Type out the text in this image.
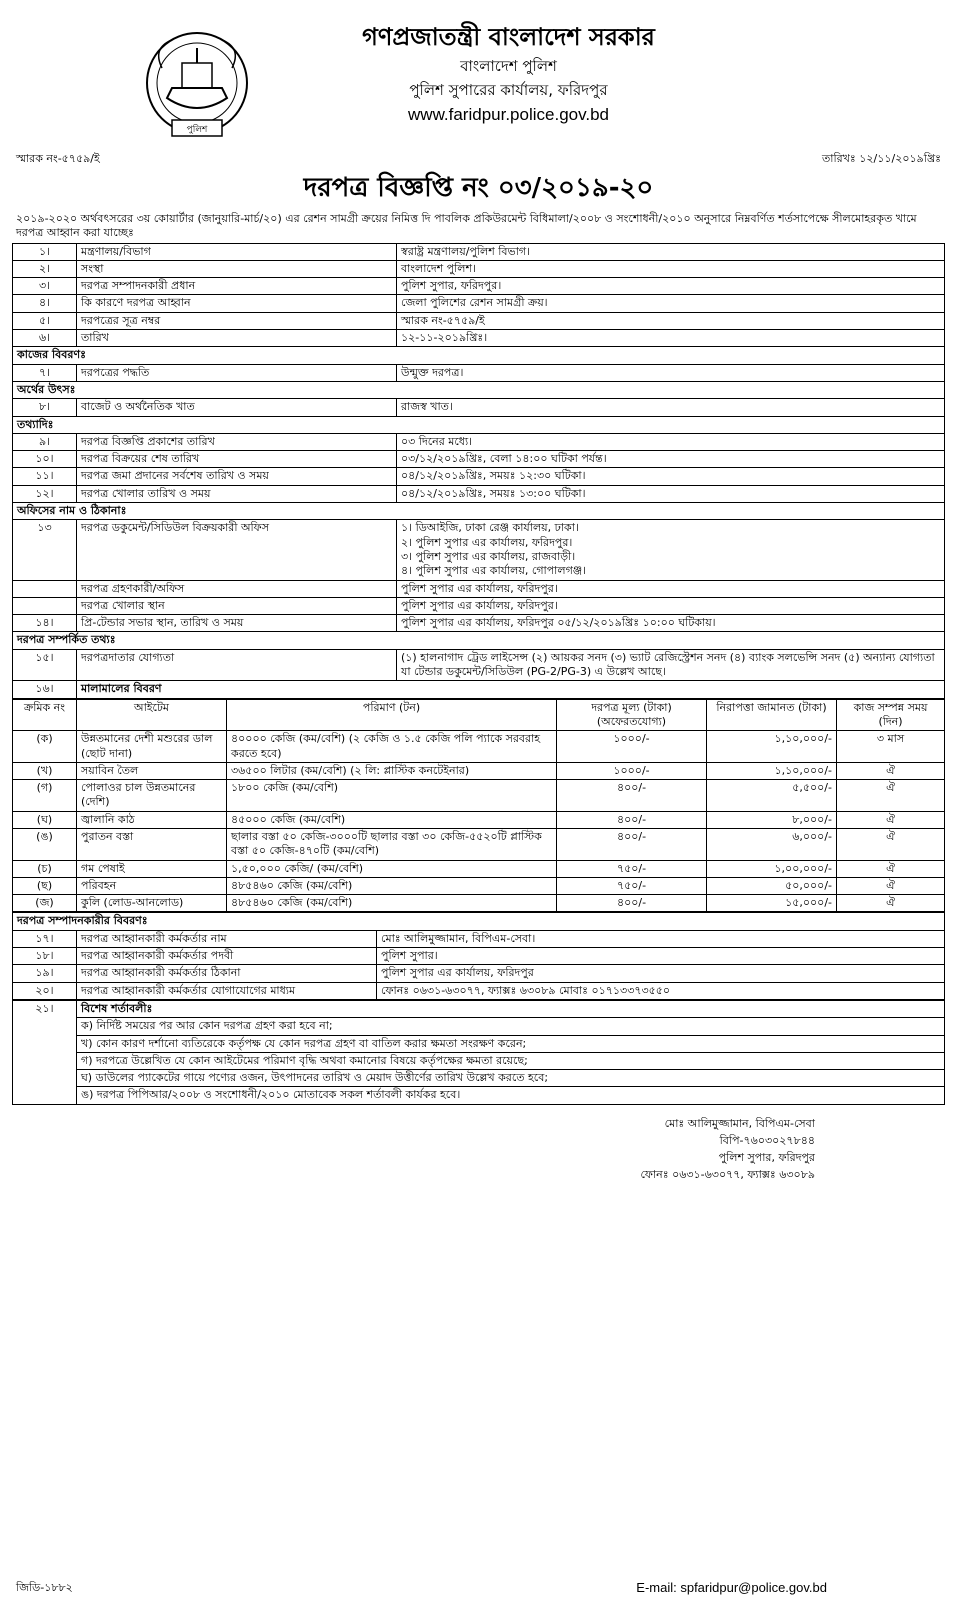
পুলিশ
গণপ্রজাতন্ত্রী বাংলাদেশ সরকার
বাংলাদেশ পুলিশ
পুলিশ সুপারের কার্যালয়, ফরিদপুর
www.faridpur.police.gov.bd
স্মারক নং-৫৭৫৯/ই	তারিখঃ ১২/১১/২০১৯খ্রিঃ
দরপত্র বিজ্ঞপ্তি নং ০৩/২০১৯-২০
২০১৯-২০২০ অর্থবৎসরের ৩য় কোয়ার্টার (জানুয়ারি-মার্চ/২০) এর রেশন সামগ্রী ক্রয়ের নিমিত্ত দি পাবলিক প্রকিউরমেন্ট বিধিমালা/২০০৮ ও সংশোধনী/২০১০ অনুসারে নিম্নবর্ণিত শর্তসাপেক্ষে সীলমোহরকৃত খামে দরপত্র আহ্বান করা যাচ্ছেঃ
১।	মন্ত্রণালয়/বিভাগ	স্বরাষ্ট্র মন্ত্রণালয়/পুলিশ বিভাগ।
২।	সংস্থা	বাংলাদেশ পুলিশ।
৩।	দরপত্র সম্পাদনকারী প্রধান	পুলিশ সুপার, ফরিদপুর।
৪।	কি কারণে দরপত্র আহ্বান	জেলা পুলিশের রেশন সামগ্রী ক্রয়।
৫।	দরপত্রের সূত্র নম্বর	স্মারক নং-৫৭৫৯/ই
৬।	তারিখ	১২-১১-২০১৯খ্রিঃ।
কাজের বিবরণঃ		
৭।	দরপত্রের পদ্ধতি	উন্মুক্ত দরপত্র।
অর্থের উৎসঃ		
৮।	বাজেট ও অর্থনৈতিক খাত	রাজস্ব খাত।
তথ্যাদিঃ		
৯।	দরপত্র বিজ্ঞপ্তি প্রকাশের তারিখ	০৩ দিনের মধ্যে।
১০।	দরপত্র বিক্রয়ের শেষ তারিখ	০৩/১২/২০১৯খ্রিঃ, বেলা ১৪:০০ ঘটিকা পর্যন্ত।
১১।	দরপত্র জমা প্রদানের সর্বশেষ তারিখ ও সময়	০৪/১২/২০১৯খ্রিঃ, সময়ঃ ১২:৩০ ঘটিকা।
১২।	দরপত্র খোলার তারিখ ও সময়	০৪/১২/২০১৯খ্রিঃ, সময়ঃ ১৩:০০ ঘটিকা।
অফিসের নাম ও ঠিকানাঃ		
১৩	দরপত্র ডকুমেন্ট/সিডিউল বিক্রয়কারী অফিস	১। ডিআইজি, ঢাকা রেঞ্জ কার্যালয়, ঢাকা।
২। পুলিশ সুপার এর কার্যালয়, ফরিদপুর।
৩। পুলিশ সুপার এর কার্যালয়, রাজবাড়ী।
৪। পুলিশ সুপার এর কার্যালয়, গোপালগঞ্জ।

	দরপত্র গ্রহণকারী/অফিস	পুলিশ সুপার এর কার্যালয়, ফরিদপুর।
	দরপত্র খোলার স্থান	পুলিশ সুপার এর কার্যালয়, ফরিদপুর।
১৪।	প্রি-টেন্ডার সভার স্থান, তারিখ ও সময়	পুলিশ সুপার এর কার্যালয়, ফরিদপুর ০৫/১২/২০১৯খ্রিঃ ১০:০০ ঘটিকায়।
দরপত্র সম্পর্কিত তথ্যঃ		
১৫।	দরপত্রদাতার যোগ্যতা	(১) হালনাগাদ ট্রেড লাইসেন্স (২) আয়কর সনদ (৩) ভ্যাট রেজিস্ট্রেশন সনদ (৪) ব্যাংক সলভেন্সি সনদ (৫) অন্যান্য যোগ্যতা যা টেন্ডার ডকুমেন্ট/সিডিউল (PG-2/PG-3) এ উল্লেখ আছে।
১৬।	মালামালের বিবরণ	
ক্রমিক নং	আইটেম	পরিমাণ (টন)	দরপত্র মূল্য (টাকা) (অফেরতযোগ্য)	নিরাপত্তা জামানত (টাকা)	কাজ সম্পন্ন সময় (দিন)
(ক)	উন্নতমানের দেশী মশুরের ডাল (ছোট দানা)	৪০০০০ কেজি (কম/বেশি) (২ কেজি ও ১.৫ কেজি পলি প্যাকে সরবরাহ করতে হবে)	১০০০/-	১,১০,০০০/-	৩ মাস
(খ)	সয়াবিন তৈল	৩৬৫০০ লিটার (কম/বেশি) (২ লি: প্লাস্টিক কনটেইনার)	১০০০/-	১,১০,০০০/-	ঐ
(গ)	পোলাওর চাল উন্নতমানের (দেশি)	১৮০০ কেজি (কম/বেশি)	৪০০/-	৫,৫০০/-	ঐ
(ঘ)	জ্বালানি কাঠ	৪৫০০০ কেজি (কম/বেশি)	৪০০/-	৮,০০০/-	ঐ
(ঙ)	পুরাতন বস্তা	ছালার বস্তা ৫০ কেজি-৩০০০টি ছালার বস্তা ৩০ কেজি-৫৫২০টি প্লাস্টিক বস্তা ৫০ কেজি-৪৭০টি (কম/বেশি)	৪০০/-	৬,০০০/-	ঐ
(চ)	গম পেষাই	১,৫০,০০০ কেজি/ (কম/বেশি)	৭৫০/-	১,০০,০০০/-	ঐ
(ছ)	পরিবহন	৪৮৫৪৬০ কেজি (কম/বেশি)	৭৫০/-	৫০,০০০/-	ঐ
(জ)	কুলি (লোড-আনলোড)	৪৮৫৪৬০ কেজি (কম/বেশি)	৪০০/-	১৫,০০০/-	ঐ
দরপত্র সম্পাদনকারীর বিবরণঃ		
১৭।	দরপত্র আহ্বানকারী কর্মকর্তার নাম	মোঃ আলিমুজ্জামান, বিপিএম-সেবা।
১৮।	দরপত্র আহ্বানকারী কর্মকর্তার পদবী	পুলিশ সুপার।
১৯।	দরপত্র আহ্বানকারী কর্মকর্তার ঠিকানা	পুলিশ সুপার এর কার্যালয়, ফরিদপুর
২০।	দরপত্র আহ্বানকারী কর্মকর্তার যোগাযোগের মাধ্যম	ফোনঃ ০৬৩১-৬৩০৭৭, ফ্যাক্সঃ ৬৩০৮৯ মোবাঃ ০১৭১৩৩৭৩৫৫০
২১।	বিশেষ শর্তাবলীঃ
ক) নির্দিষ্ট সময়ের পর আর কোন দরপত্র গ্রহণ করা হবে না;
খ) কোন কারণ দর্শানো ব্যতিরেকে কর্তৃপক্ষ যে কোন দরপত্র গ্রহণ বা বাতিল করার ক্ষমতা সংরক্ষণ করেন;
গ) দরপত্রে উল্লেখিত যে কোন আইটেমের পরিমাণ বৃদ্ধি অথবা কমানোর বিষয়ে কর্তৃপক্ষের ক্ষমতা রয়েছে;
ঘ) ডাউলের প্যাকেটের গায়ে পণ্যের ওজন, উৎপাদনের তারিখ ও মেয়াদ উত্তীর্ণের তারিখ উল্লেখ করতে হবে;
ঙ) দরপত্র পিপিআর/২০০৮ ও সংশোধনী/২০১০ মোতাবেক সকল শর্তাবলী কার্যকর হবে।
মোঃ আলিমুজ্জামান, বিপিএম-সেবা
বিপি-৭৬০৩০২৭৮৪৪
পুলিশ সুপার, ফরিদপুর
ফোনঃ ০৬৩১-৬৩০৭৭, ফ্যাক্সঃ ৬৩০৮৯
জিডি-১৮৮২	E-mail: spfaridpur@police.gov.bd
